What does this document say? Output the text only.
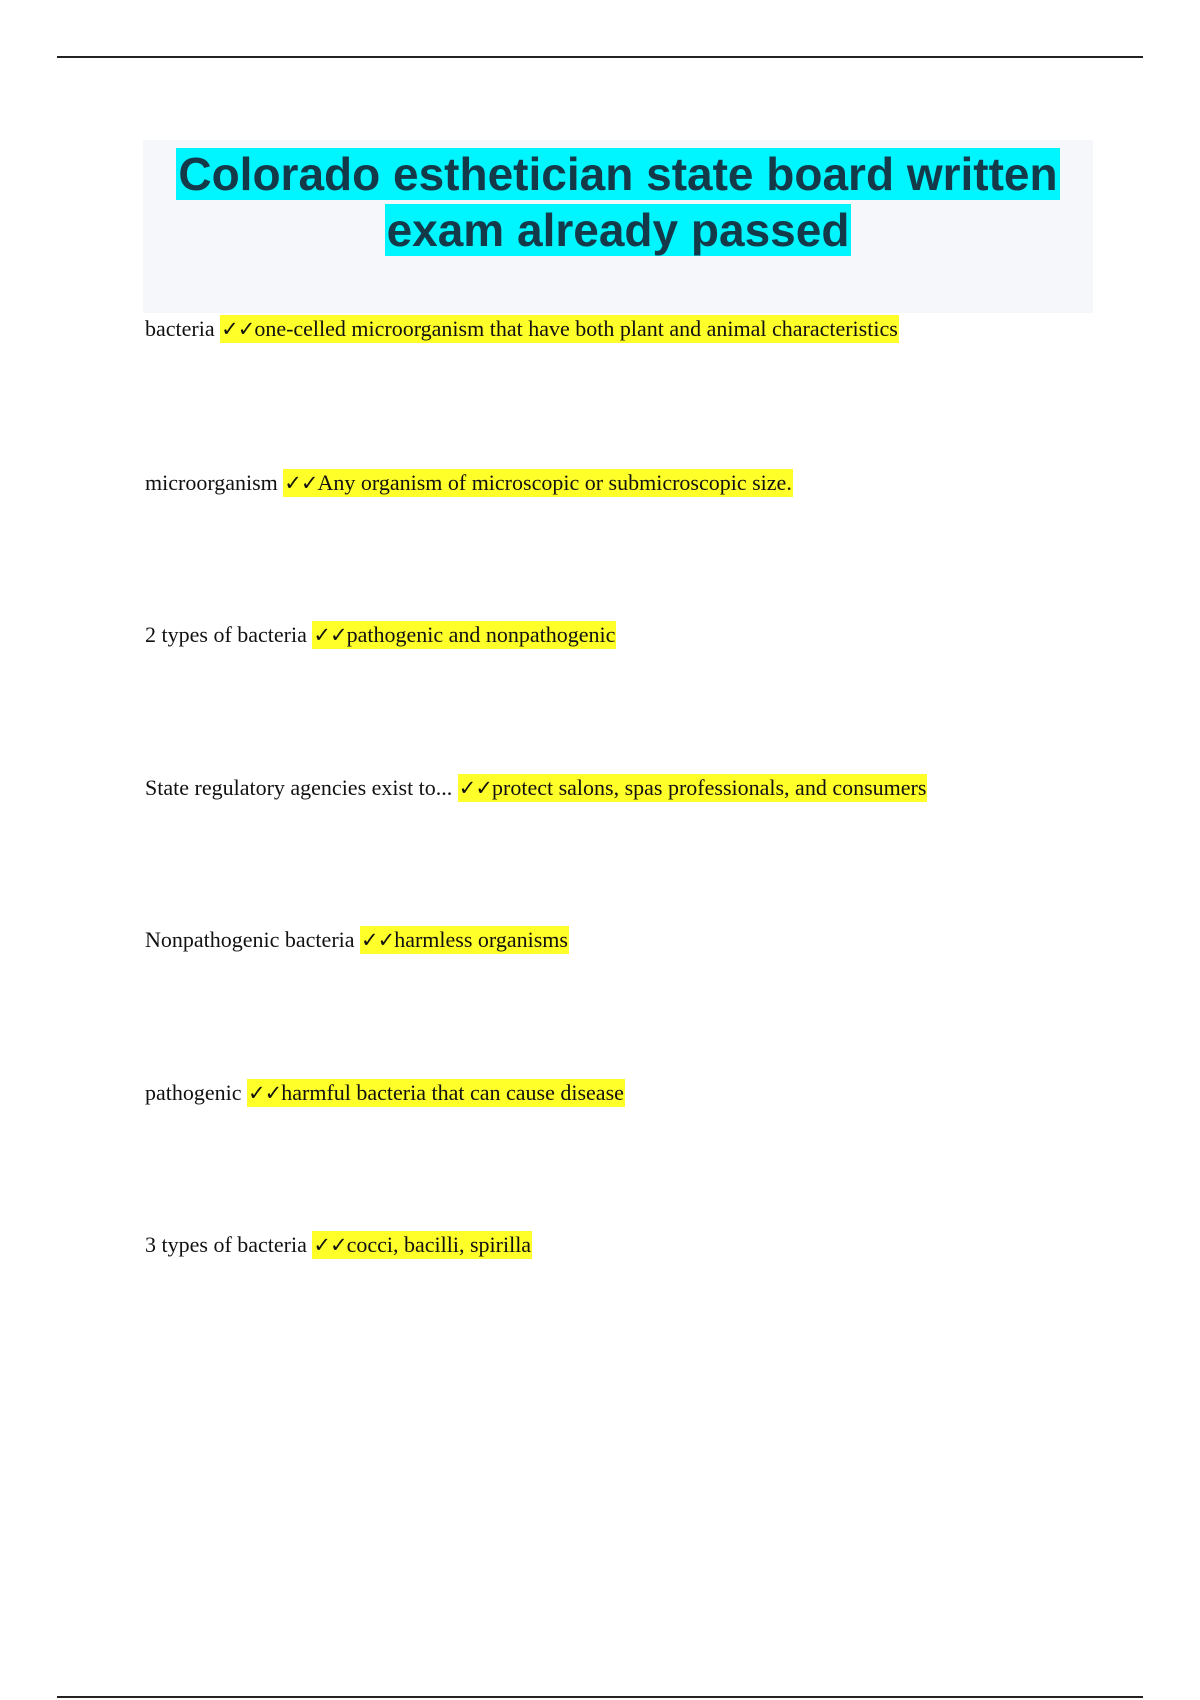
Colorado esthetician state board written exam already passed
bacteria ✓✓one-celled microorganism that have both plant and animal characteristics
microorganism ✓✓Any organism of microscopic or submicroscopic size.
2 types of bacteria ✓✓pathogenic and nonpathogenic
State regulatory agencies exist to... ✓✓protect salons, spas professionals, and consumers
Nonpathogenic bacteria ✓✓harmless organisms
pathogenic ✓✓harmful bacteria that can cause disease
3 types of bacteria ✓✓cocci, bacilli, spirilla
